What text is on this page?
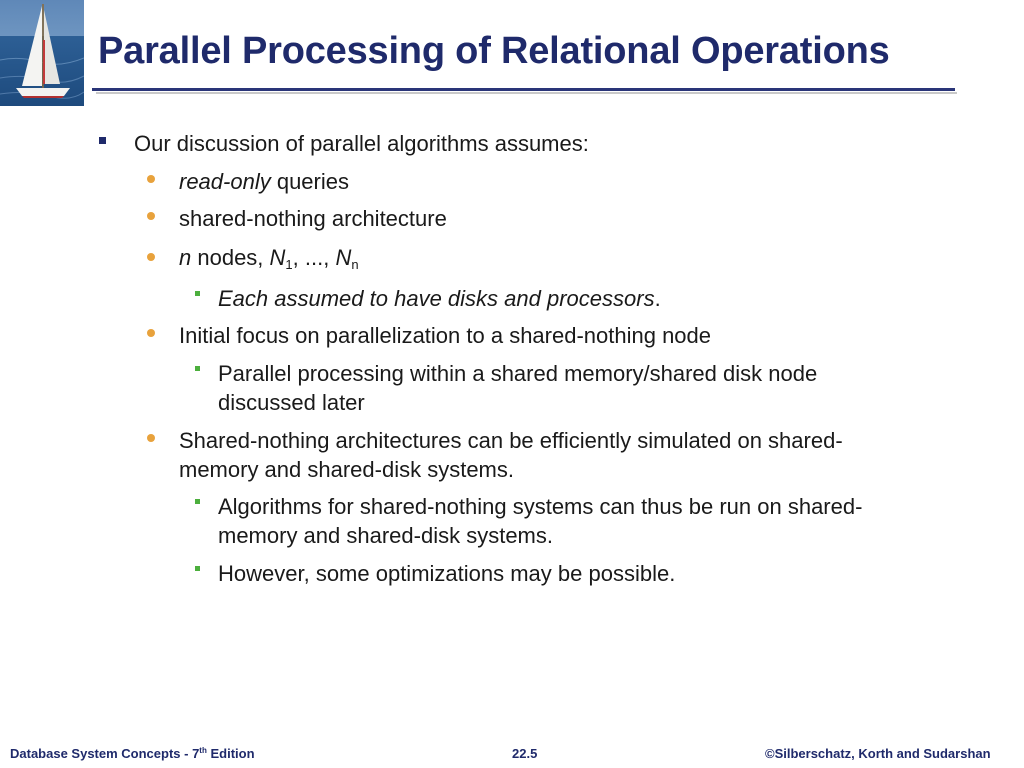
Parallel Processing of Relational Operations
Our discussion of parallel algorithms assumes:
read-only queries
shared-nothing architecture
n nodes, $N_1$, ..., $N_n$
Each assumed to have disks and processors.
Initial focus on parallelization to a shared-nothing node
Parallel processing within a shared memory/shared disk node
discussed later
Shared-nothing architectures can be efficiently simulated on shared-
memory and shared-disk systems.
Algorithms for shared-nothing systems can thus be run on shared-
memory and shared-disk systems.
However, some optimizations may be possible.
Database System Concepts - 7th Edition	22.5	©Silberschatz, Korth and Sudarshan
